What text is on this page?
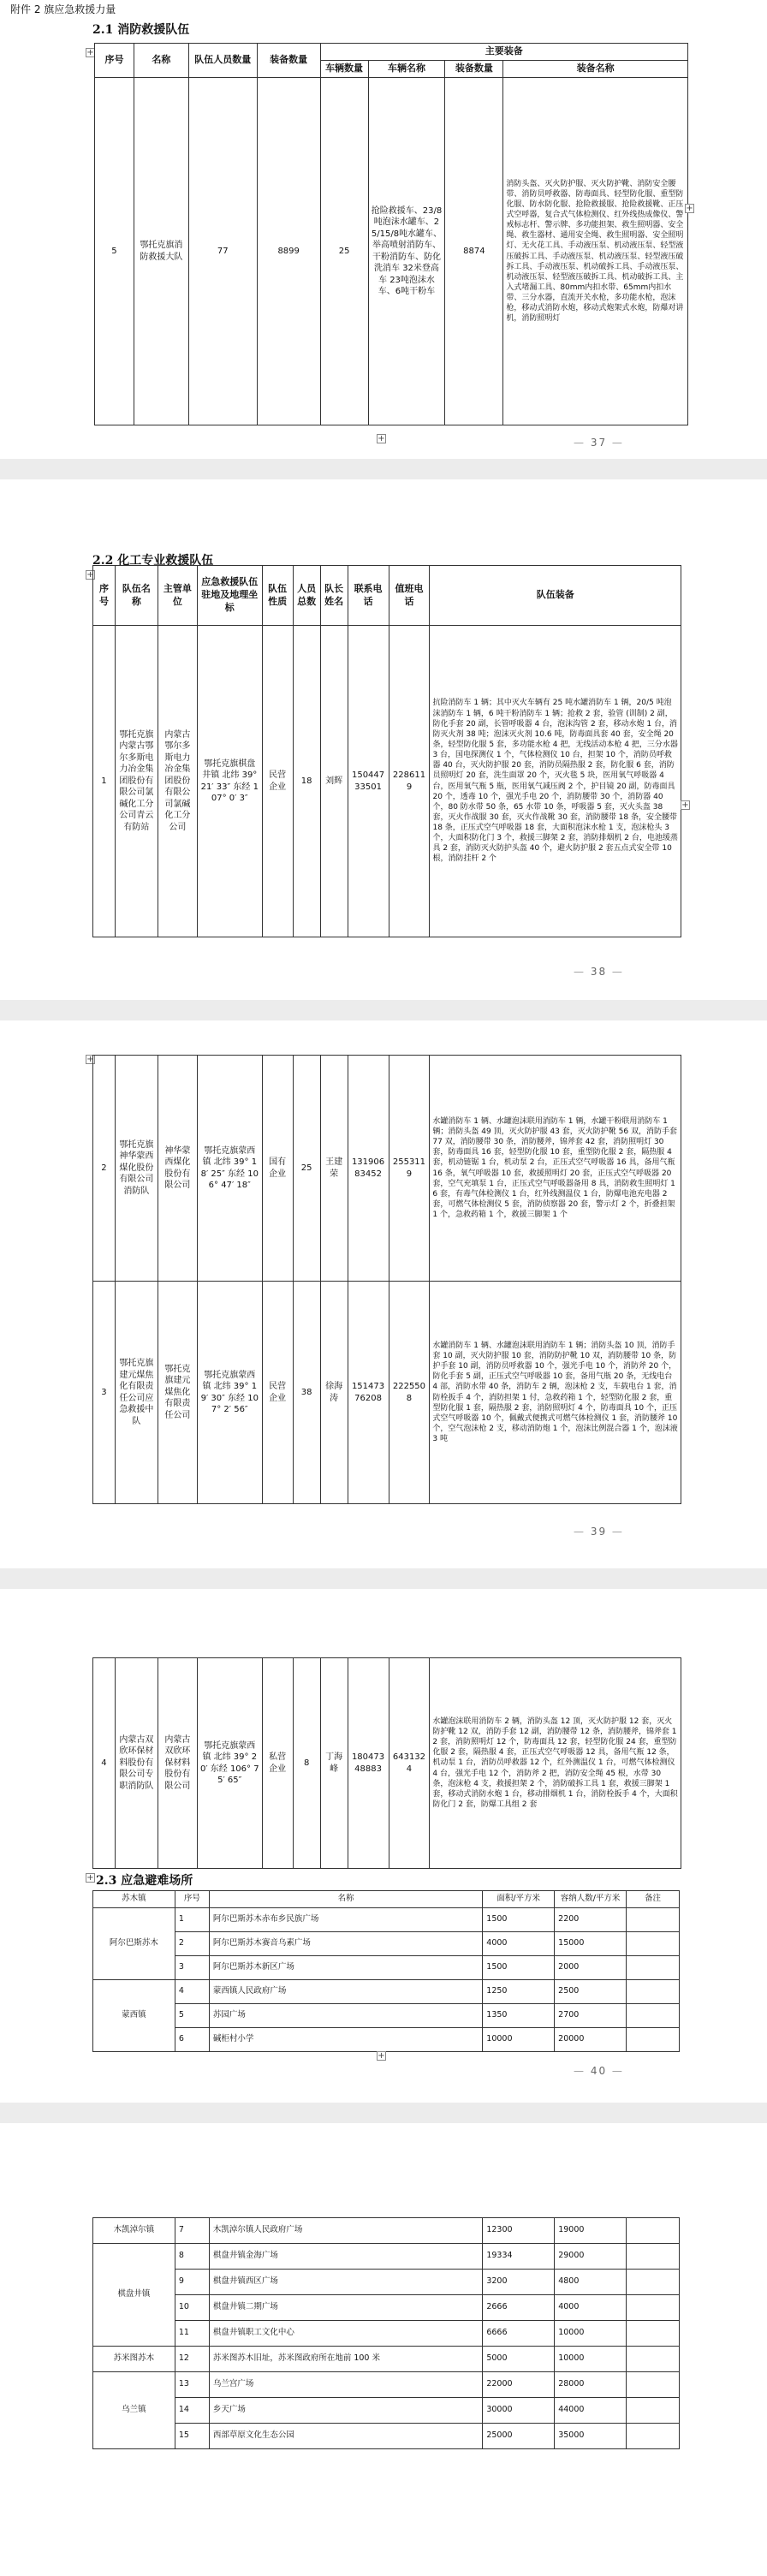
附件 2 旗应急救援力量
2.1 消防救援队伍
+
序号	名称	队伍人员数量	装备数量	主要装备			
				车辆数量	车辆名称	装备数量	装备名称
5	鄂托克旗消防救援大队	77	8899	25	抢险救援车、23/8吨泡沫水罐车、25/15/8吨水罐车、举高喷射消防车、干粉消防车、防化洗消车 32米登高车 23吨泡沫水车、6吨干粉车	8874	消防头盔、灭火防护服、灭火防护靴、消防安全腰带、消防员呼救器、防毒面具、轻型防化服、重型防化服、防水防化服、抢险救援服、抢险救援靴、正压式空呼器，复合式气体检测仪、红外线热成像仪、警戒标志杆、警示牌、多功能担架、救生照明器、安全绳、救生器材、通用安全绳、救生照明器、安全照明灯、无火花工具、手动液压泵、机动液压泵、轻型液压破拆工具、手动液压泵、机动液压泵、轻型液压破拆工具、手动液压泵、机动破拆工具、手动液压泵、机动液压泵、轻型液压破拆工具、机动破拆工具、主入式堵漏工具、80mm内扣水带、65mm内扣水带、三分水器，直流开关水枪，多功能水枪，泡沫枪，移动式消防水炮，移动式炮架式水炮，防爆对讲机，消防照明灯
+
+	— 37 —
2.2 化工专业救援队伍
+
序号	队伍名称	主管单位	应急救援队伍驻地及地理坐标	队伍性质	人员总数	队长姓名	联系电话	值班电话	队伍装备
1	鄂托克旗内蒙古鄂尔多斯电力冶金集团股份有限公司氯碱化工分公司青云有防站	内蒙古鄂尔多斯电力冶金集团股份有限公司氯碱化工分公司	鄂托克旗棋盘井镇 北纬 39° 21′ 33″ 东经 107° 0′ 3″	民营企业	18	刘辉	15044733501	2286119	抗险消防车 1 辆；其中灭火车辆有 25 吨水罐消防车 1 辆，20/5 吨泡沫消防车 1 辆，6 吨干粉消防车 1 辆；抢救 2 套，验管 (训制) 2 副，防化手套 20 副，长管呼吸器 4 台，泡沫沟管 2 套，移动水炮 1 台，消防灭火剂 38 吨；泡沫灭火剂 10.6 吨，防毒面具套 40 套，安全绳 20 条，轻型防化服 5 套，多功能水枪 4 把，无线活动本枪 4 把，三分水器 3 台，国电探测仪 1 个，气体检测仪 10 台，担架 10 个，消防员呼救器 40 台，灭火防护服 20 套，消防员隔热服 2 套，防化服 6 套，消防员照明灯 20 套，洗生面罩 20 个，灭火毯 5 块，医用氧气呼吸器 4 台，医用氧气瓶 5 瓶，医用氧气减压阀 2 个，护目镜 20 副，防毒面具 20 个，透毒 10 个，强光手电 20 个，消防腰带 30 个，消防器 40 个，80 防水带 50 条，65 水带 10 条，呼吸器 5 套，灭火头盔 38 套，灭火作战服 30 套，灭火作战靴 30 套，消防腰带 18 条，安全腰带 18 条，正压式空气呼吸器 18 套，大面积泡沫水枪 1 支，泡沫枪头 3 个，大面积防化门 3 个，救援三脚架 2 套，消防排烟机 2 台，电池缓蒸具 2 套，消防灭火防护头盔 40 个，避火防护服 2 套五点式安全带 10 根，消防挂杆 2 个
+
— 38 —
+
2	鄂托克旗神华蒙西煤化股份有限公司消防队	神华蒙西煤化股份有限公司	鄂托克旗蒙西镇 北纬 39° 18′ 25″ 东经 106° 47′ 18″	国有企业	25	王建荣	13190683452	2553119	水罐消防车 1 辆、水罐泡沫联用消防车 1 辆，水罐干粉联用消防车 1 辆；消防头盔 49 顶，灭火防护服 43 套，灭火防护靴 56 双，消防手套 77 双，消防腰带 30 条，消防腰斧，锦斧套 42 套，消防照明灯 30 套，防毒面具 16 套，轻型防化服 10 套，重型防化服 2 套，隔热服 4 套，机动链锯 1 台，机动泵 2 台，正压式空气呼吸器 16 具，备用气瓶 16 条，氧气呼吸器 10 套，救援照明灯 20 套，正压式空气呼吸器 20 套，空气充填泵 1 台，正压式空气呼吸器备用 8 具，消防救生照明灯 16 套，有毒气体检测仪 1 台，红外线测温仪 1 台，防爆电池充电器 2 套，可燃气体检测仪 5 套，消防侦察器 20 套，警示灯 2 个，折叠担架 1 个，急救药箱 1 个，救援三脚架 1 个
3	鄂托克旗建元煤焦化有限责任公司应急救援中队	鄂托克旗建元煤焦化有限责任公司	鄂托克旗蒙西镇 北纬 39° 19′ 30″ 东经 107° 2′ 56″	民营企业	38	徐海涛	15147376208	2225508	水罐消防车 1 辆、水罐泡沫联用消防车 1 辆；消防头盔 10 顶，消防手套 10 副，灭火防护服 10 套，消防防护靴 10 双，消防腰带 10 条，防护手套 10 副，消防员呼救器 10 个，强光手电 10 个，消防斧 20 个，防化手套 5 副，正压式空气呼吸器 10 套，备用气瓶 20 条，无线电台 4 部，消防水带 40 条，消防车 2 辆，泡沫枪 2 支，车载电台 1 套，消防栓扳手 4 个，消防担架 1 付，急救药箱 1 个，轻型防化服 2 套，重型防化服 1 套，隔热服 2 套，消防照明灯 4 个，防毒面具 10 个，正压式空气呼吸器 10 个，佩戴式便携式可燃气体检测仪 1 套，消防腰斧 10 个，空气泡沫枪 2 支，移动消防炮 1 个，泡沫比例混合器 1 个，泡沫液 3 吨
— 39 —
4	内蒙古双欣环保材料股份有限公司专职消防队	内蒙古双欣环保材料股份有限公司	鄂托克旗蒙西镇 北纬 39° 20′ 东经 106° 75′ 65″	私营企业	8	丁海峰	18047348883	6431324	水罐泡沫联用消防车 2 辆，消防头盔 12 顶，灭火防护服 12 套，灭火防护靴 12 双，消防手套 12 副，消防腰带 12 条，消防腰斧，锦斧套 12 套，消防照明灯 12 个，防毒面具 12 套，轻型防化服 24 套，重型防化服 2 套，隔热服 4 套，正压式空气呼吸器 12 具，备用气瓶 12 条，机动泵 1 台，消防员呼救器 12 个，红外测温仪 1 台，可燃气体检测仪 4 台，强光手电 12 个，消防斧 2 把，消防安全绳 45 根，水带 30 条，泡沫枪 4 支，救援担架 2 个，消防破拆工具 1 套，救援三脚架 1 套，移动式消防水炮 1 台，移动排烟机 1 台，消防栓扳手 4 个，大面积防化门 2 套，防爆工具组 2 套
+ 2.3 应急避难场所
苏木镇	序号	名称	面积/平方米	容纳人数/平方米	备注
阿尔巴斯苏木	1	阿尔巴斯苏木赤布乡民族广场	1500	2200	
	2	阿尔巴斯苏木赛音乌素广场	4000	15000	
	3	阿尔巴斯苏木新区广场	1500	2000	
蒙西镇	4	蒙西镇人民政府广场	1250	2500	
	5	苏园广场	1350	2700	
	6	碱柜村小学	10000	20000	
+
— 40 —
木凯淖尔镇	7	木凯淖尔镇人民政府广场	12300	19000	
棋盘井镇	8	棋盘井镇金海广场	19334	29000	
	9	棋盘井镇西区广场	3200	4800	
	10	棋盘井镇二期广场	2666	4000	
	11	棋盘井镇职工文化中心	6666	10000	
苏米图苏木	12	苏米图苏木旧址，苏米图政府所在地前 100 米	5000	10000	
乌兰镇	13	乌兰宫广场	22000	28000	
	14	乡天广场	30000	44000	
	15	西部草原文化生态公园	25000	35000	
